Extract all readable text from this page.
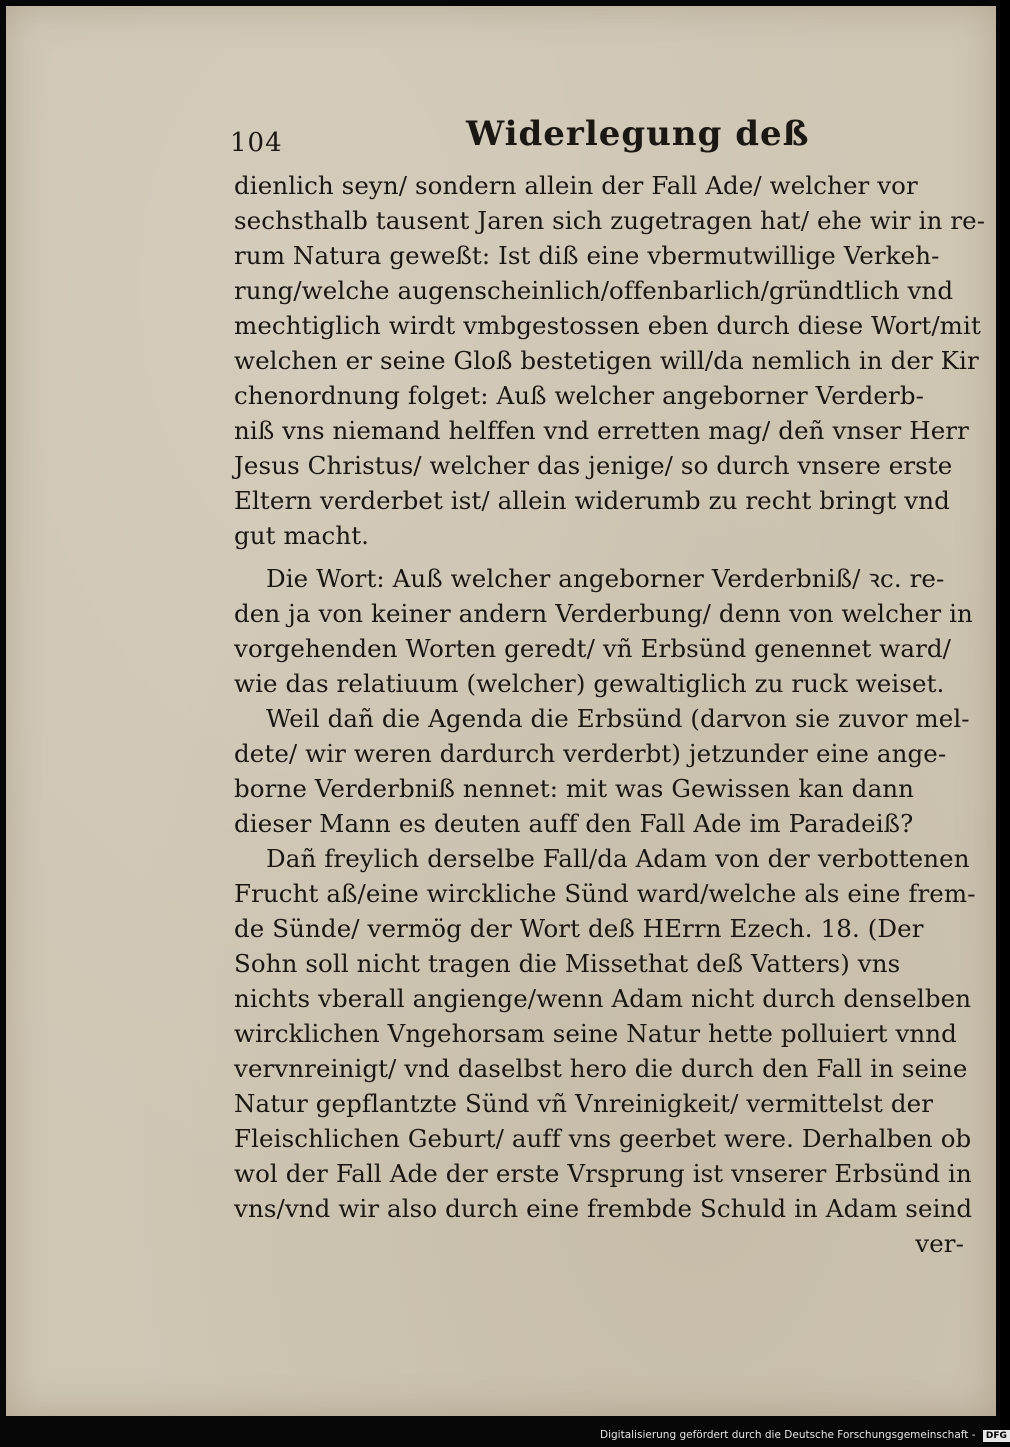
104	Widerlegung deß
dienlich seyn/ sondern allein der Fall Ade/ welcher vor
sechsthalb tausent Jaren sich zugetragen hat/ ehe wir in re-
rum Natura geweßt: Ist diß eine vbermutwillige Verkeh-
rung/welche augenscheinlich/offenbarlich/gründtlich vnd
mechtiglich wirdt vmbgestossen eben durch diese Wort/mit
welchen er seine Gloß bestetigen will/da nemlich in der Kir
chenordnung folget: Auß welcher angeborner Verderb-
niß vns niemand helffen vnd erretten mag/ deñ vnser Herr
Jesus Christus/ welcher das jenige/ so durch vnsere erste
Eltern verderbet ist/ allein widerumb zu recht bringt vnd
gut macht.
Die Wort: Auß welcher angeborner Verderbniß/ ꝛc. re-
den ja von keiner andern Verderbung/ denn von welcher in
vorgehenden Worten geredt/ vñ Erbsünd genennet ward/
wie das relatiuum (welcher) gewaltiglich zu ruck weiset.
Weil dañ die Agenda die Erbsünd (darvon sie zuvor mel-
dete/ wir weren dardurch verderbt) jetzunder eine ange-
borne Verderbniß nennet: mit was Gewissen kan dann
dieser Mann es deuten auff den Fall Ade im Paradeiß?
Dañ freylich derselbe Fall/da Adam von der verbottenen
Frucht aß/eine wirckliche Sünd ward/welche als eine frem-
de Sünde/ vermög der Wort deß HErrn Ezech. 18. (Der
Sohn soll nicht tragen die Missethat deß Vatters) vns
nichts vberall angienge/wenn Adam nicht durch denselben
wircklichen Vngehorsam seine Natur hette polluiert vnnd
vervnreinigt/ vnd daselbst hero die durch den Fall in seine
Natur gepflantzte Sünd vñ Vnreinigkeit/ vermittelst der
Fleischlichen Geburt/ auff vns geerbet were. Derhalben ob
wol der Fall Ade der erste Vrsprung ist vnserer Erbsünd in
vns/vnd wir also durch eine frembde Schuld in Adam seind
ver-
Digitalisierung gefördert durch die Deutsche Forschungsgemeinschaft - DFG
